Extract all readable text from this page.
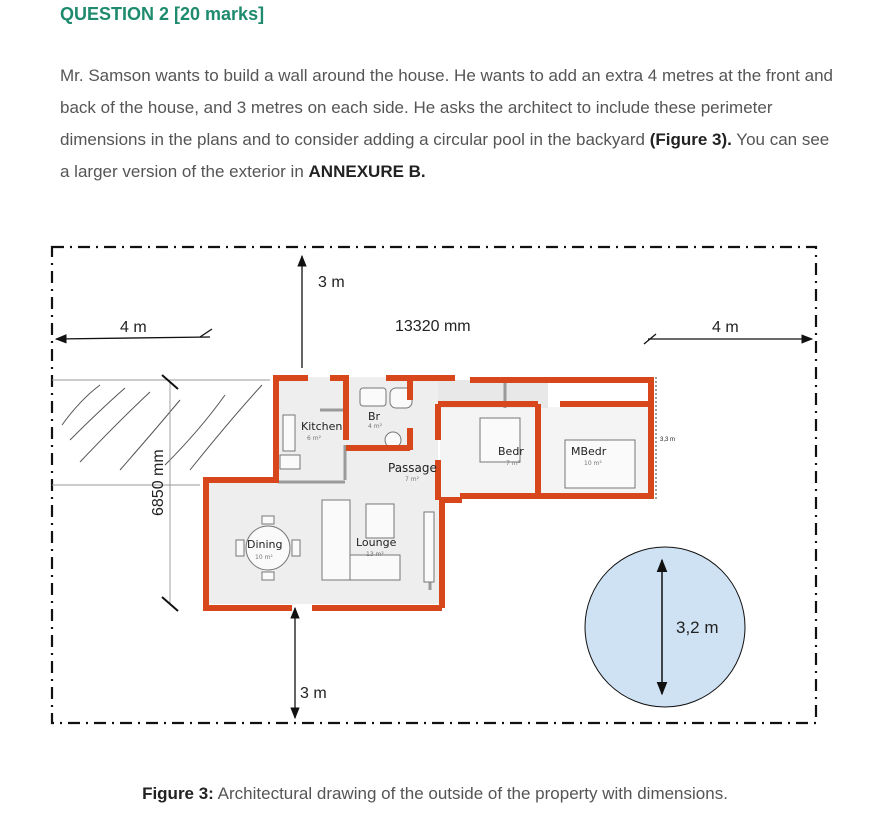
QUESTION 2 [20 marks]

Mr. Samson wants to build a wall around the house. He wants to add an extra 4 metres at the front and back of the house, and 3 metres on each side. He asks the architect to include these perimeter dimensions in the plans and to consider adding a circular pool in the backyard (Figure 3). You can see a larger version of the exterior in ANNEXURE B.

Kitchen
6 m²
Br
4 m²
Passage
7 m²
Bedr
7 m²
MBedr
10 m²
Dining
10 m²
Lounge
13 m²
3 m
3 m
4 m	4 m
13320 mm
3,3 m
6850 mm
3,2 m

Figure 3: Architectural drawing of the outside of the property with dimensions.
